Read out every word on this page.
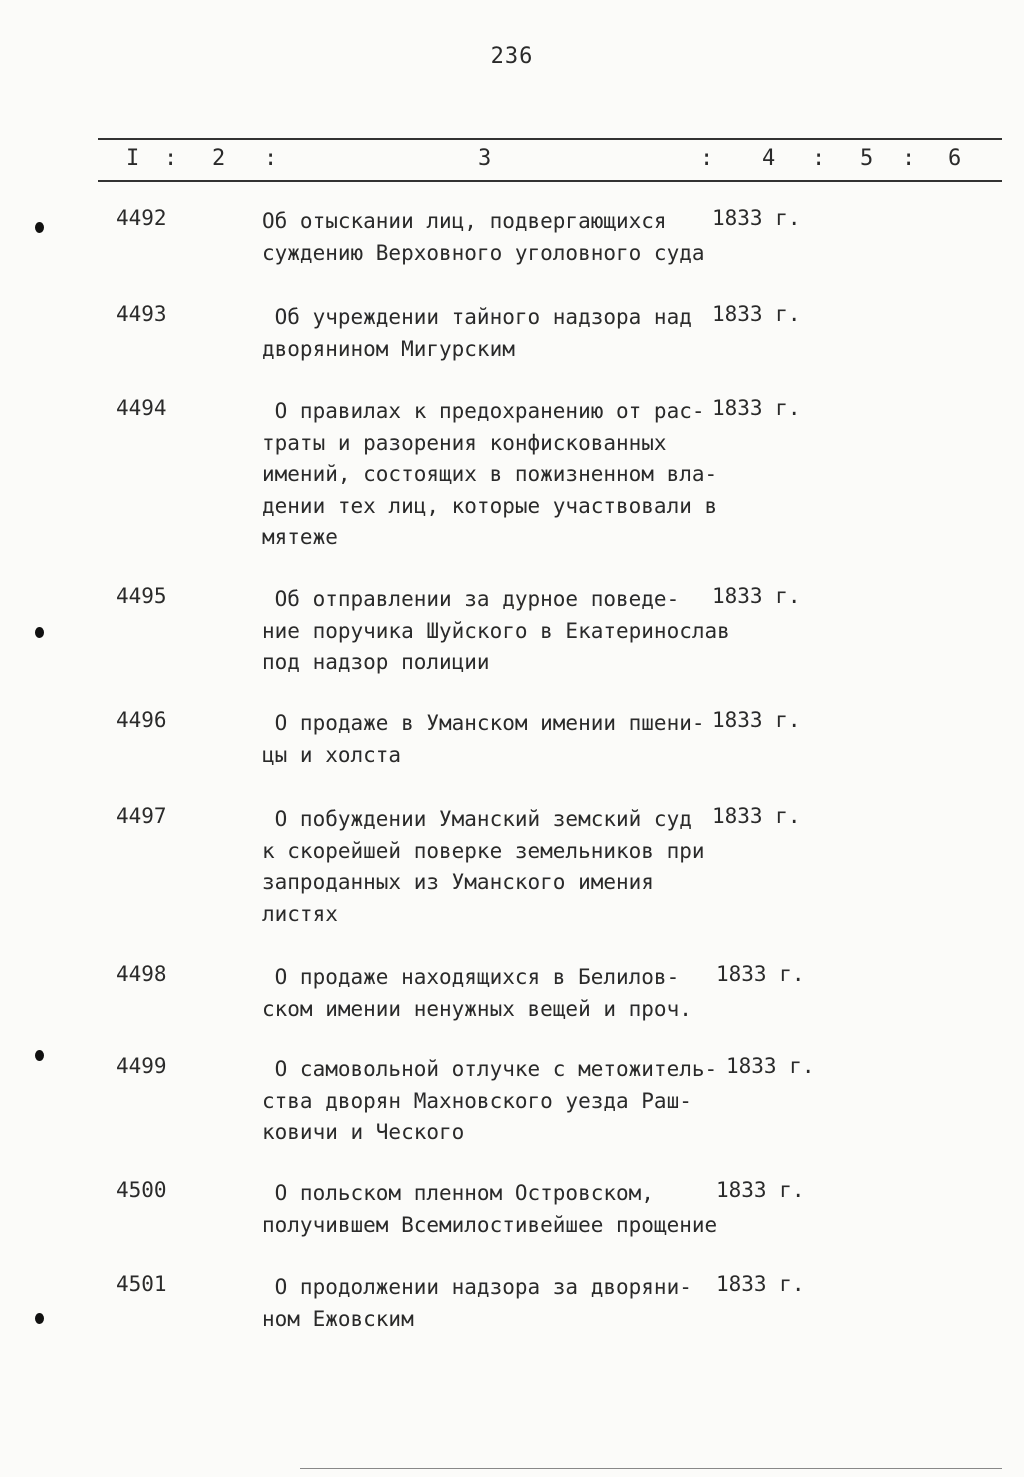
236
I : 2 :	3	: 4 : 5 : 6
4492	Об отыскании лиц, подвергающихся
суждению Верховного уголовного суда
1833 г.
4493	Об учреждении тайного надзора над
дворянином Мигурским
1833 г.
4494	О правилах к предохранению от рас-
траты и разорения конфискованных
имений, состоящих в пожизненном вла-
дении тех лиц, которые участвовали в
мятеже
1833 г.
4495	Об отправлении за дурное поведе-
ние поручика Шуйского в Екатеринослав
под надзор полиции
1833 г.
4496	О продаже в Уманском имении пшени-
цы и холста
1833 г.
4497	О побуждении Уманский земский суд
к скорейшей поверке земельников при
запроданных из Уманского имения
листях
1833 г.
4498	О продаже находящихся в Белилов-
ском имении ненужных вещей и проч.
1833 г.
4499	О самовольной отлучке с метожитель-
ства дворян Махновского уезда Раш-
ковичи и Ческого
1833 г.
4500	О польском пленном Островском,
получившем Всемилостивейшее прощение
1833 г.
4501	О продолжении надзора за дворяни-
ном Ежовским
1833 г.
